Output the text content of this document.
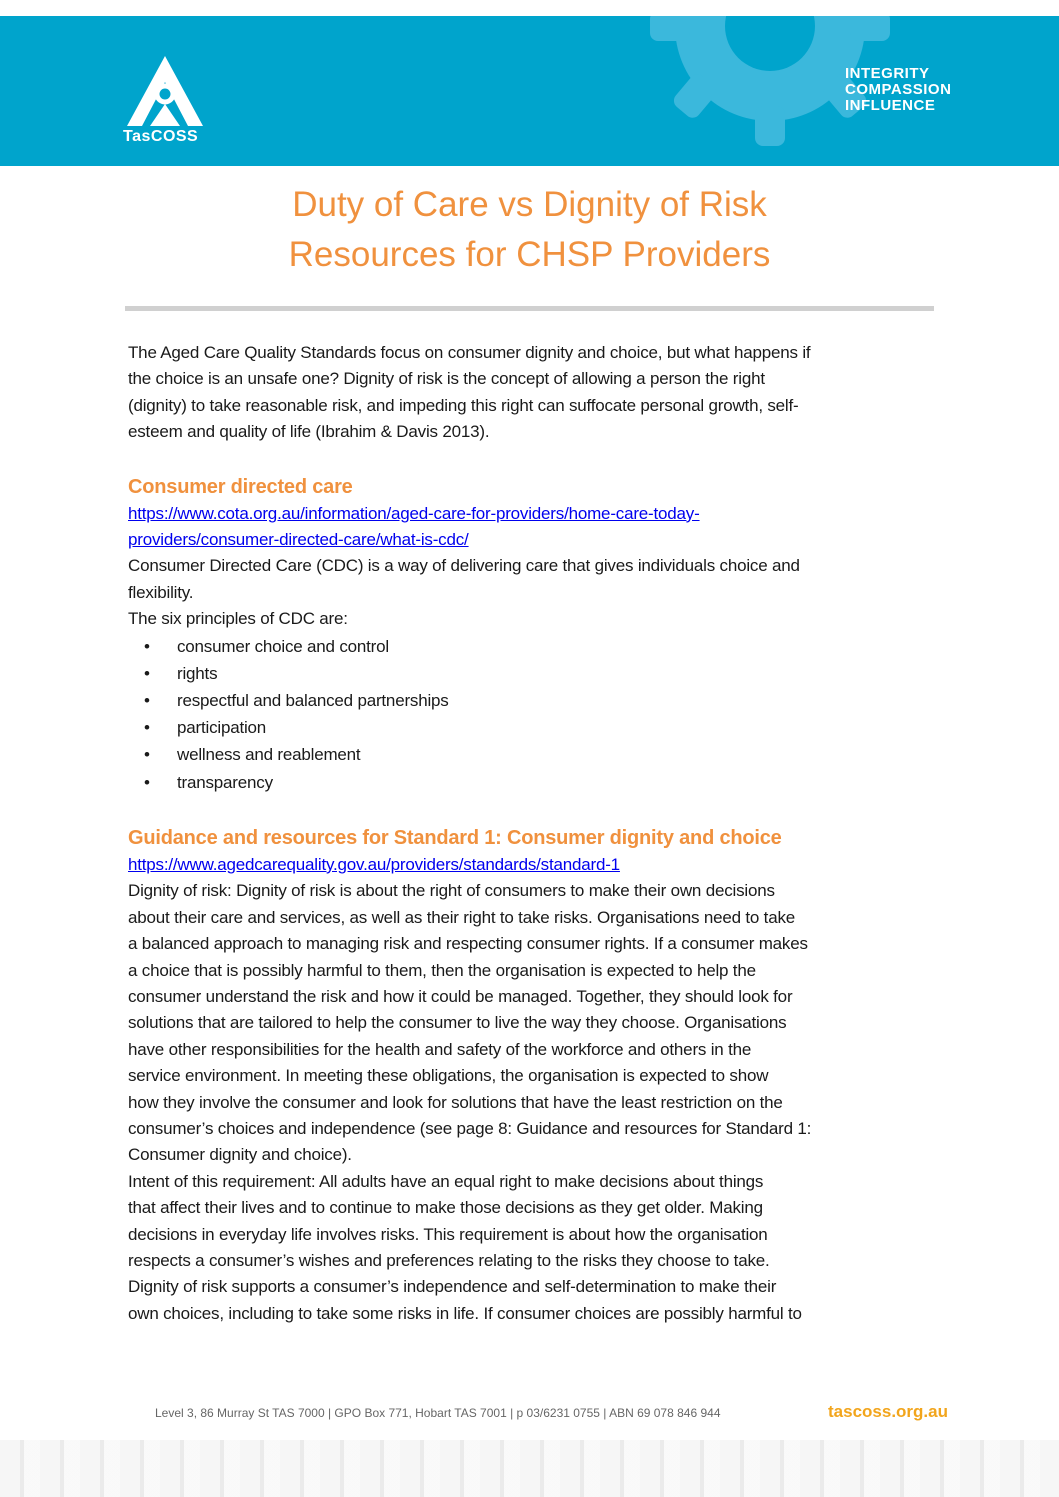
TasCOSS
INTEGRITY
COMPASSION
INFLUENCE
Duty of Care vs Dignity of Risk
Resources for CHSP Providers
The Aged Care Quality Standards focus on consumer dignity and choice, but what happens if
the choice is an unsafe one? Dignity of risk is the concept of allowing a person the right
(dignity) to take reasonable risk, and impeding this right can suffocate personal growth, self-
esteem and quality of life (Ibrahim & Davis 2013).
Consumer directed care
https://www.cota.org.au/information/aged-care-for-providers/home-care-today-
providers/consumer-directed-care/what-is-cdc/
Consumer Directed Care (CDC) is a way of delivering care that gives individuals choice and
flexibility.
The six principles of CDC are:
• consumer choice and control
• rights
• respectful and balanced partnerships
• participation
• wellness and reablement
• transparency
Guidance and resources for Standard 1: Consumer dignity and choice
https://www.agedcarequality.gov.au/providers/standards/standard-1
Dignity of risk: Dignity of risk is about the right of consumers to make their own decisions
about their care and services, as well as their right to take risks. Organisations need to take
a balanced approach to managing risk and respecting consumer rights. If a consumer makes
a choice that is possibly harmful to them, then the organisation is expected to help the
consumer understand the risk and how it could be managed. Together, they should look for
solutions that are tailored to help the consumer to live the way they choose. Organisations
have other responsibilities for the health and safety of the workforce and others in the
service environment. In meeting these obligations, the organisation is expected to show
how they involve the consumer and look for solutions that have the least restriction on the
consumer’s choices and independence (see page 8: Guidance and resources for Standard 1:
Consumer dignity and choice).
Intent of this requirement: All adults have an equal right to make decisions about things
that affect their lives and to continue to make those decisions as they get older. Making
decisions in everyday life involves risks. This requirement is about how the organisation
respects a consumer’s wishes and preferences relating to the risks they choose to take.
Dignity of risk supports a consumer’s independence and self-determination to make their
own choices, including to take some risks in life. If consumer choices are possibly harmful to
Level 3, 86 Murray St TAS 7000 | GPO Box 771, Hobart TAS 7001 | p 03/6231 0755 | ABN 69 078 846 944	tascoss.org.au
